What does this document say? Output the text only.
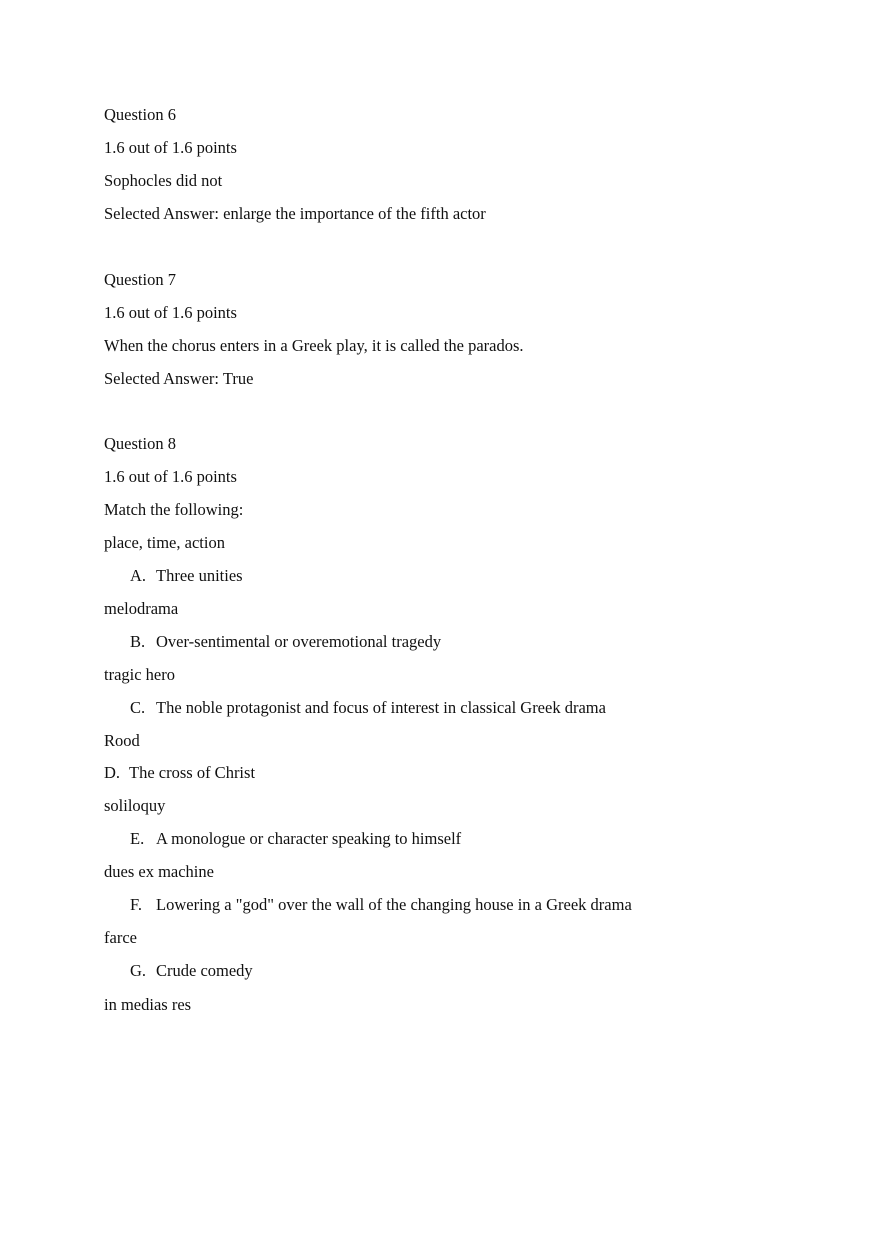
Question 6
1.6 out of 1.6 points
Sophocles did not
Selected Answer: enlarge the importance of the fifth actor
Question 7
1.6 out of 1.6 points
When the chorus enters in a Greek play, it is called the parados.
Selected Answer: True
Question 8
1.6 out of 1.6 points
Match the following:
place, time, action
A. Three unities
melodrama
B. Over-sentimental or overemotional tragedy
tragic hero
C. The noble protagonist and focus of interest in classical Greek drama
Rood
D. The cross of Christ
soliloquy
E. A monologue or character speaking to himself
dues ex machine
F. Lowering a "god" over the wall of the changing house in a Greek drama
farce
G. Crude comedy
in medias res
